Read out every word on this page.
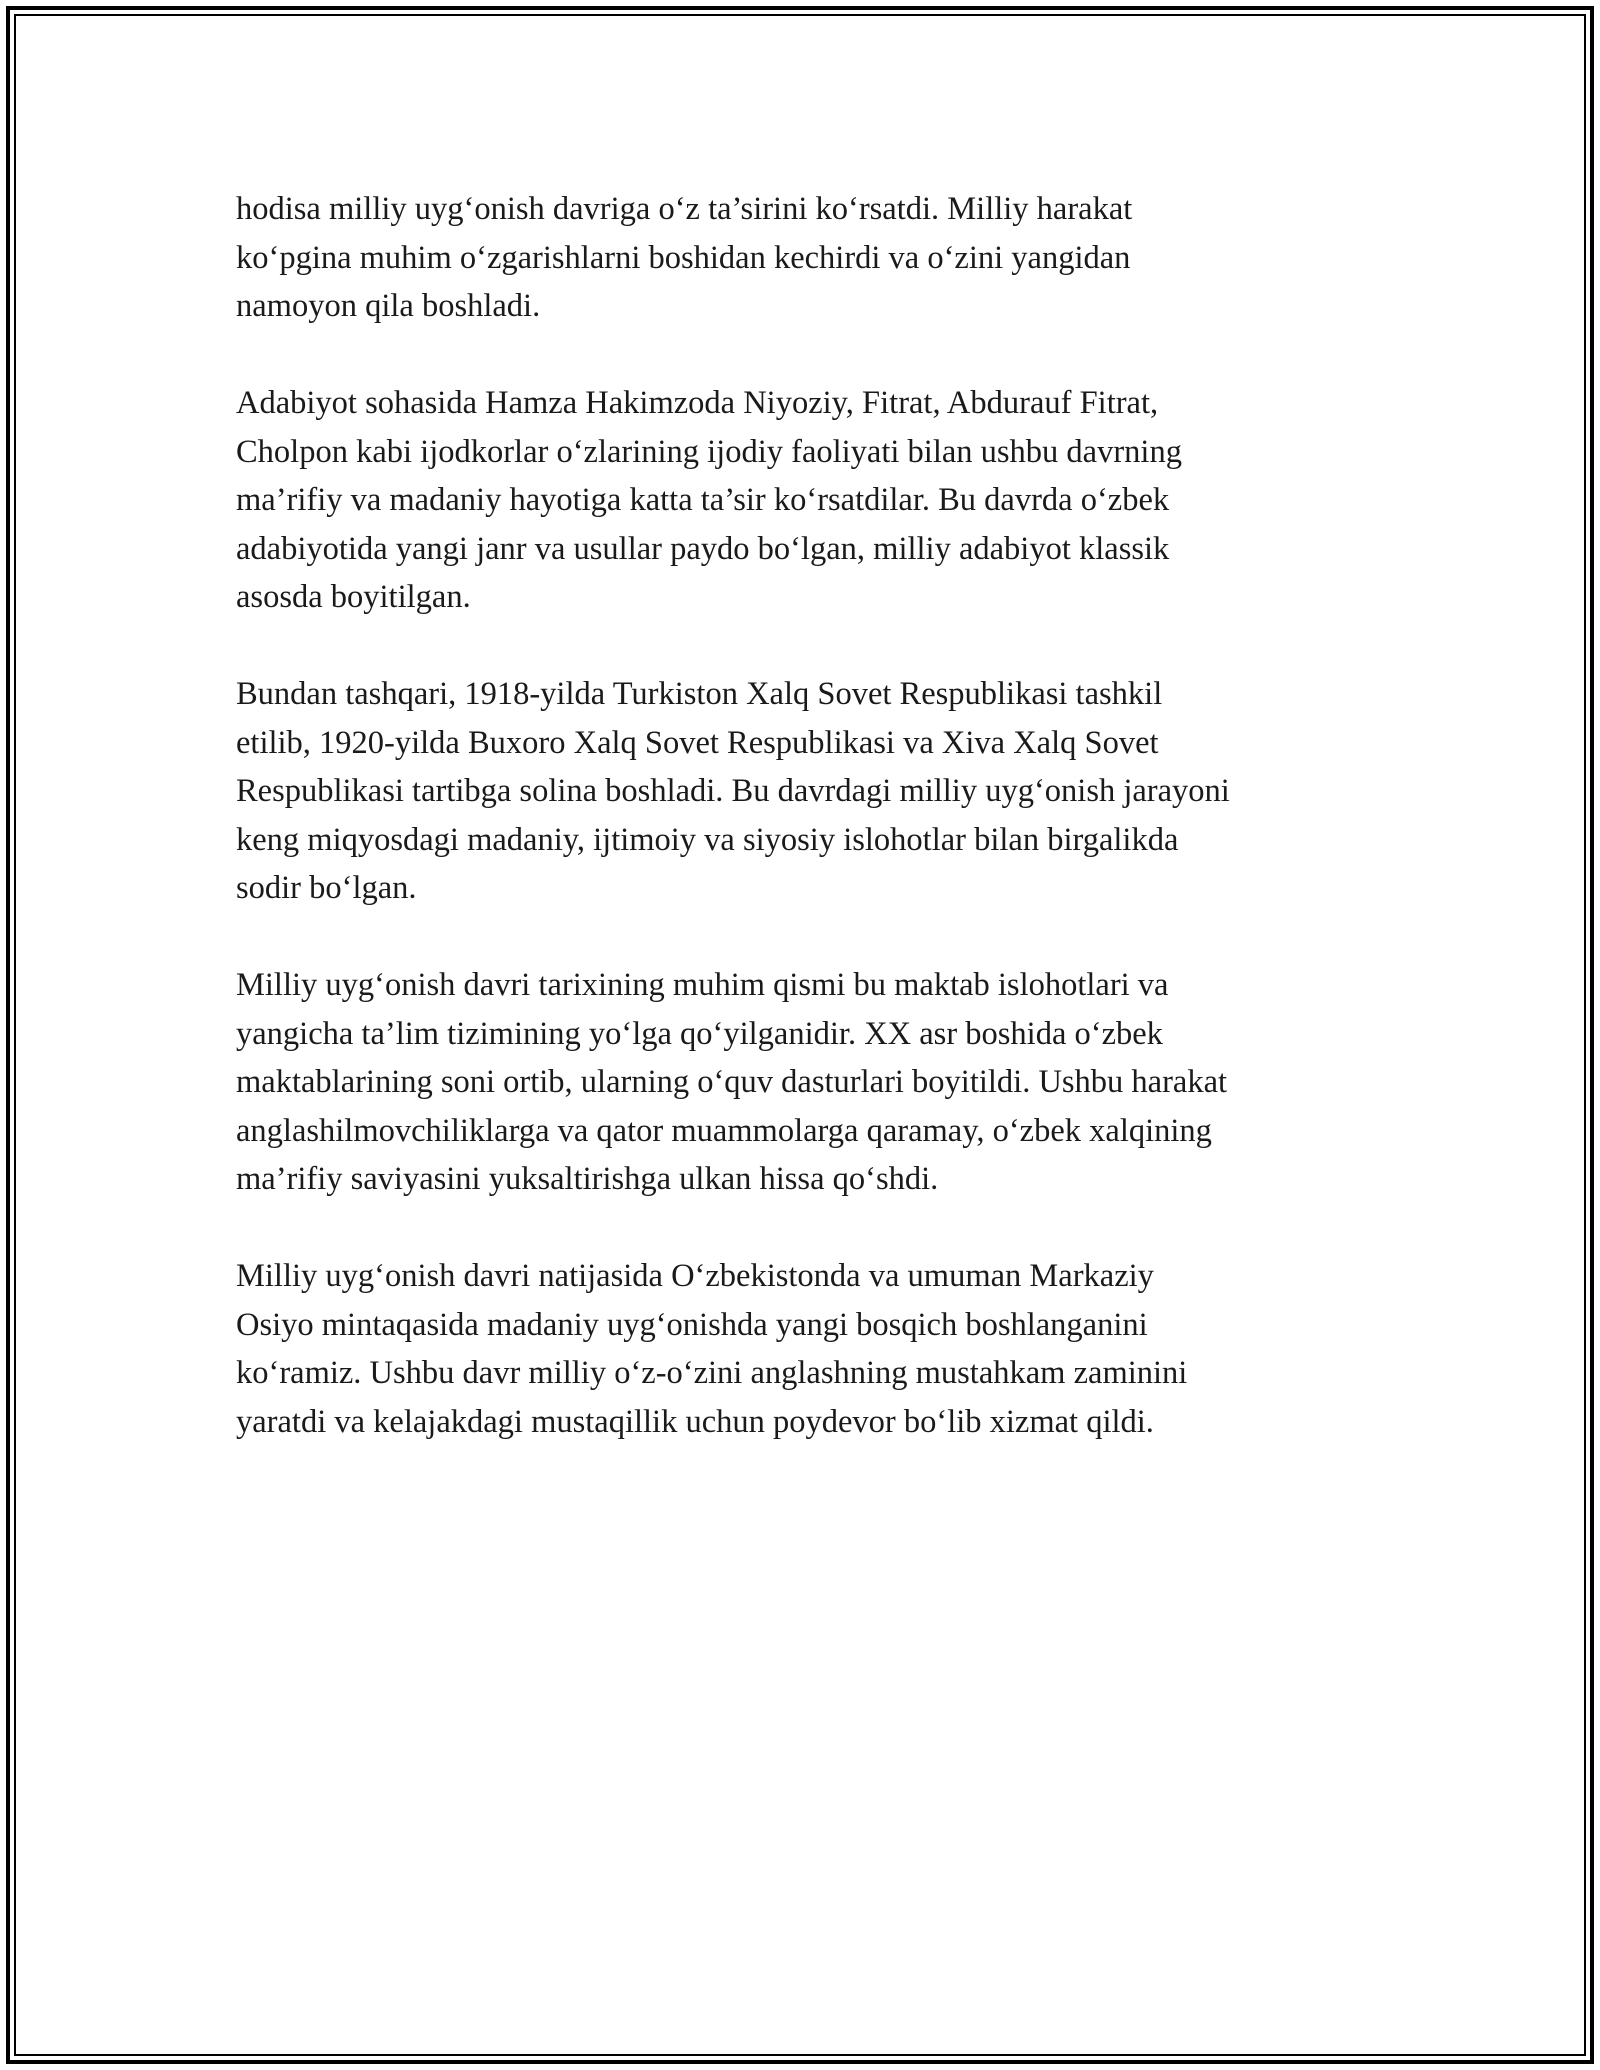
hodisa milliy uyg‘onish davriga o‘z ta’sirini ko‘rsatdi. Milliy harakat
ko‘pgina muhim o‘zgarishlarni boshidan kechirdi va o‘zini yangidan
namoyon qila boshladi.

Adabiyot sohasida Hamza Hakimzoda Niyoziy, Fitrat, Abdurauf Fitrat,
Cholpon kabi ijodkorlar o‘zlarining ijodiy faoliyati bilan ushbu davrning
ma’rifiy va madaniy hayotiga katta ta’sir ko‘rsatdilar. Bu davrda o‘zbek
adabiyotida yangi janr va usullar paydo bo‘lgan, milliy adabiyot klassik
asosda boyitilgan.

Bundan tashqari, 1918-yilda Turkiston Xalq Sovet Respublikasi tashkil
etilib, 1920-yilda Buxoro Xalq Sovet Respublikasi va Xiva Xalq Sovet
Respublikasi tartibga solina boshladi. Bu davrdagi milliy uyg‘onish jarayoni
keng miqyosdagi madaniy, ijtimoiy va siyosiy islohotlar bilan birgalikda
sodir bo‘lgan.

Milliy uyg‘onish davri tarixining muhim qismi bu maktab islohotlari va
yangicha ta’lim tizimining yo‘lga qo‘yilganidir. XX asr boshida o‘zbek
maktablarining soni ortib, ularning o‘quv dasturlari boyitildi. Ushbu harakat
anglashilmovchiliklarga va qator muammolarga qaramay, o‘zbek xalqining
ma’rifiy saviyasini yuksaltirishga ulkan hissa qo‘shdi.

Milliy uyg‘onish davri natijasida O‘zbekistonda va umuman Markaziy
Osiyo mintaqasida madaniy uyg‘onishda yangi bosqich boshlanganini
ko‘ramiz. Ushbu davr milliy o‘z-o‘zini anglashning mustahkam zaminini
yaratdi va kelajakdagi mustaqillik uchun poydevor bo‘lib xizmat qildi.
